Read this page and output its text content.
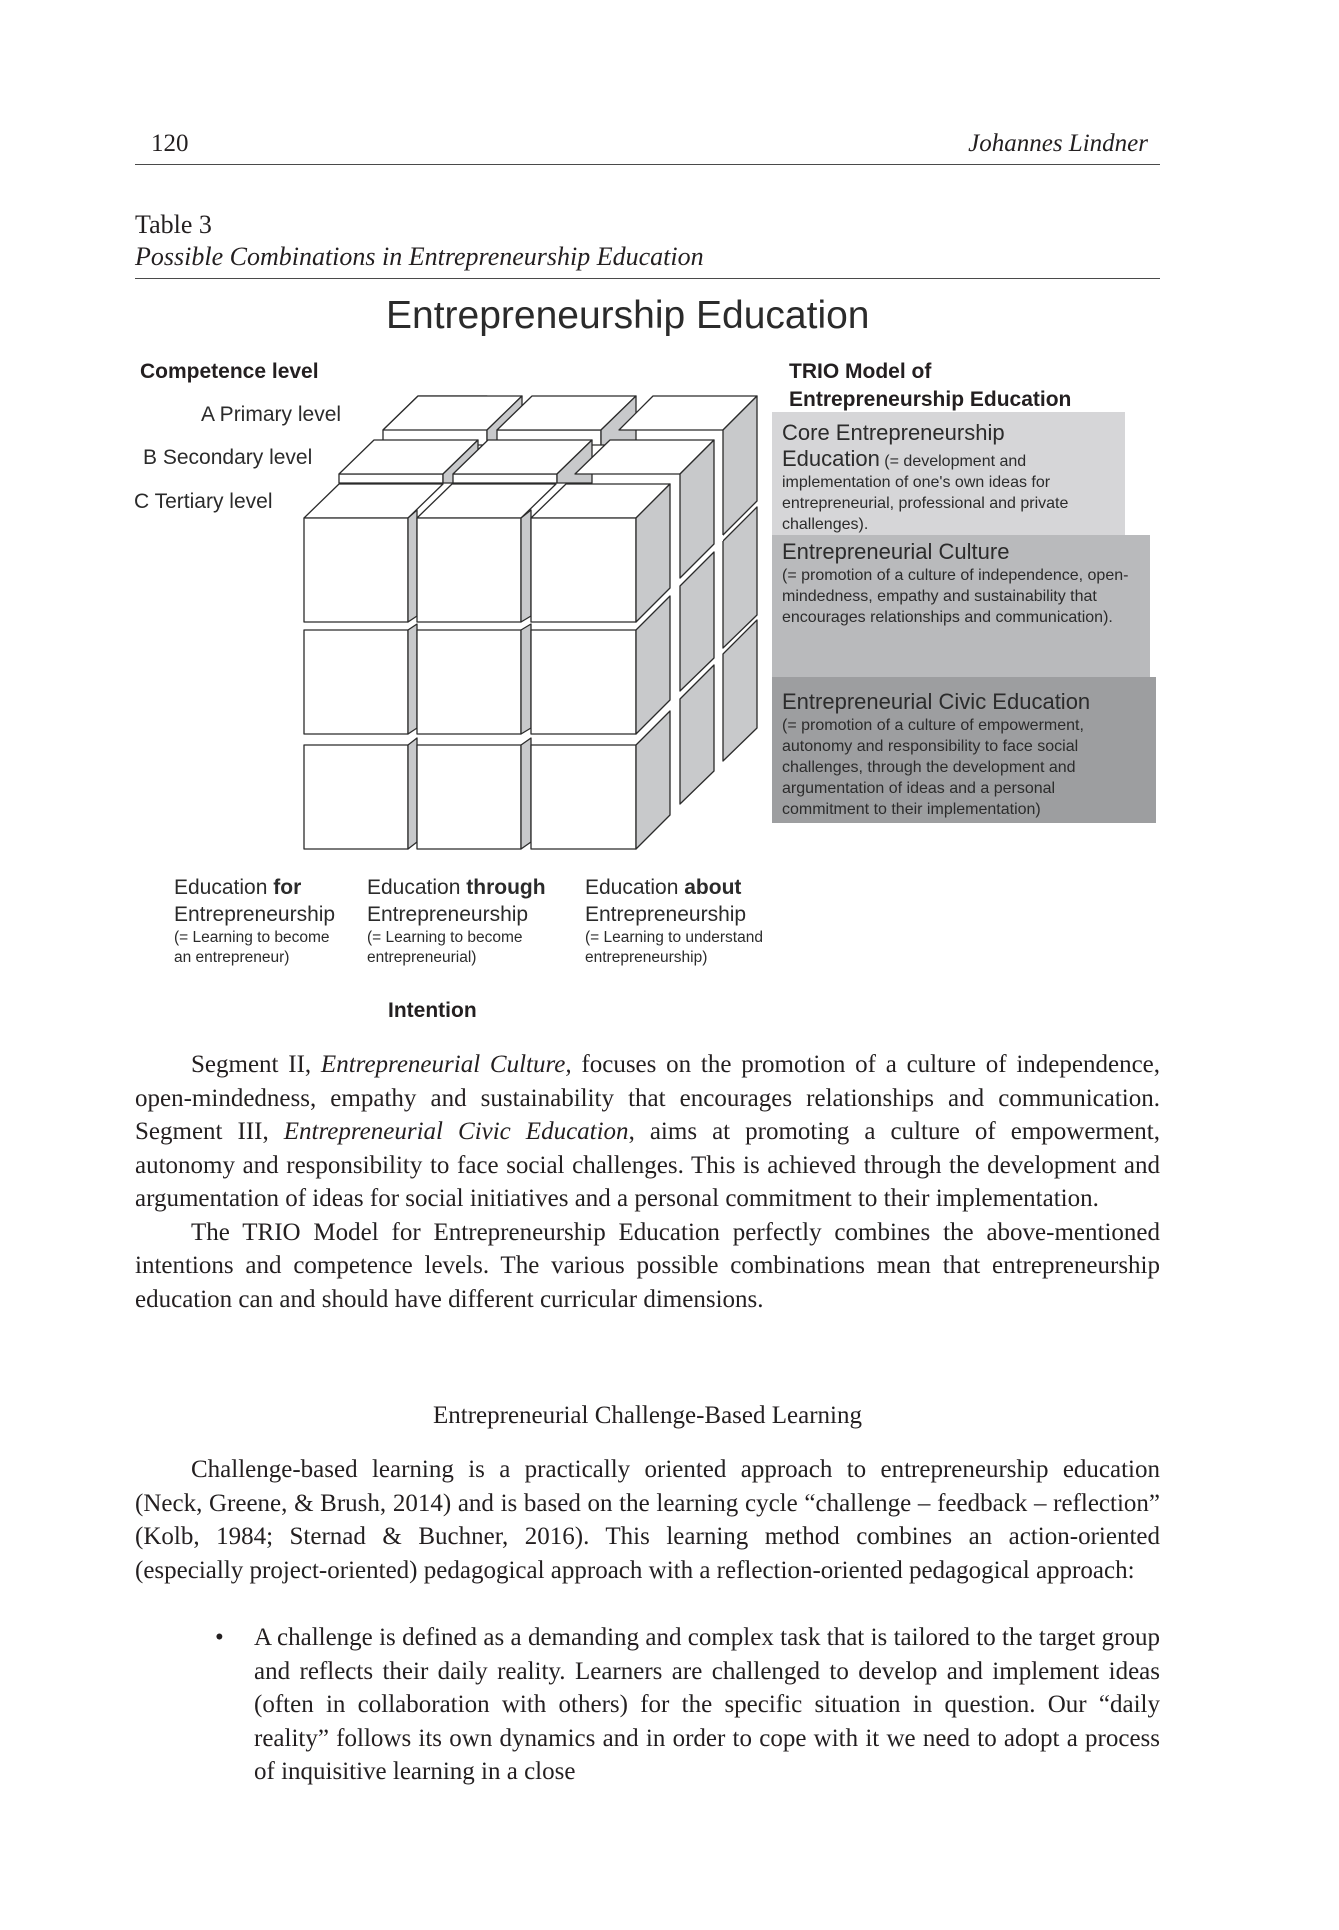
120	Johannes Lindner
Table 3
Possible Combinations in Entrepreneurship Education
Entrepreneurship Education
Competence level
A Primary level
B Secondary level
C Tertiary level
TRIO Model of
Entrepreneurship Education
Core Entrepreneurship
Education (= development and
implementation of one's own ideas for entrepreneurial, professional and private challenges).
Entrepreneurial Culture
(= promotion of a culture of independence, open-mindedness, empathy and sustainability that encourages relationships and communication).
Entrepreneurial Civic Education
(= promotion of a culture of empowerment, autonomy and responsibility to face social challenges, through the development and argumentation of ideas and a personal commitment to their implementation)
Education for
Entrepreneurship
(= Learning to become
an entrepreneur)
Education through
Entrepreneurship
(= Learning to become
entrepreneurial)
Education about
Entrepreneurship
(= Learning to understand
entrepreneurship)
Intention

Segment II, Entrepreneurial Culture, focuses on the promotion of a culture of independence, open-mindedness, empathy and sustainability that encourages relationships and communication. Segment III, Entrepreneurial Civic Education, aims at promoting a culture of empowerment, autonomy and responsibility to face social challenges. This is achieved through the development and argumentation of ideas for social initiatives and a personal commitment to their implementation.

The TRIO Model for Entrepreneurship Education perfectly combines the above-mentioned intentions and competence levels. The various possible combinations mean that entrepreneurship education can and should have different curricular dimensions.

Entrepreneurial Challenge-Based Learning

Challenge-based learning is a practically oriented approach to entrepreneurship education (Neck, Greene, & Brush, 2014) and is based on the learning cycle “challenge – feedback – reflection” (Kolb, 1984; Sternad & Buchner, 2016). This learning method combines an action-oriented (especially project-oriented) pedagogical approach with a reflection-oriented pedagogical approach:

• A challenge is defined as a demanding and complex task that is tailored to the target group and reflects their daily reality. Learners are challenged to develop and implement ideas (often in collaboration with others) for the specific situation in question. Our “daily reality” follows its own dynamics and in order to cope with it we need to adopt a process of inquisitive learning in a close
